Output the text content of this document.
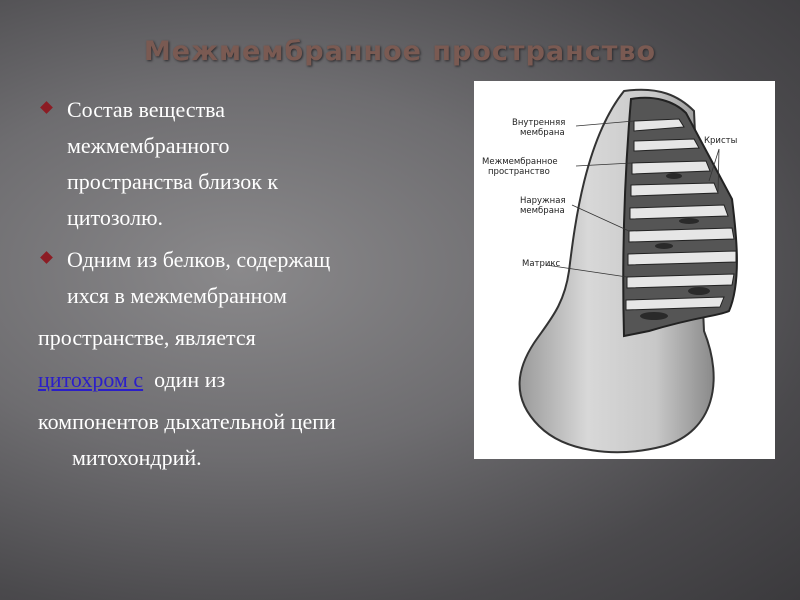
Межмембранное пространство
Состав вещества
межмембранного
пространства близок к
цитозолю.
Одним из белков, содержащ
ихся в межмембранном
пространстве, является
цитохром с  один из
компонентов дыхательной цепи
митохондрий.
Внутренняя
мембрана
Кристы
Межмембранное
пространство
Наружная
мембрана
Матрикс
